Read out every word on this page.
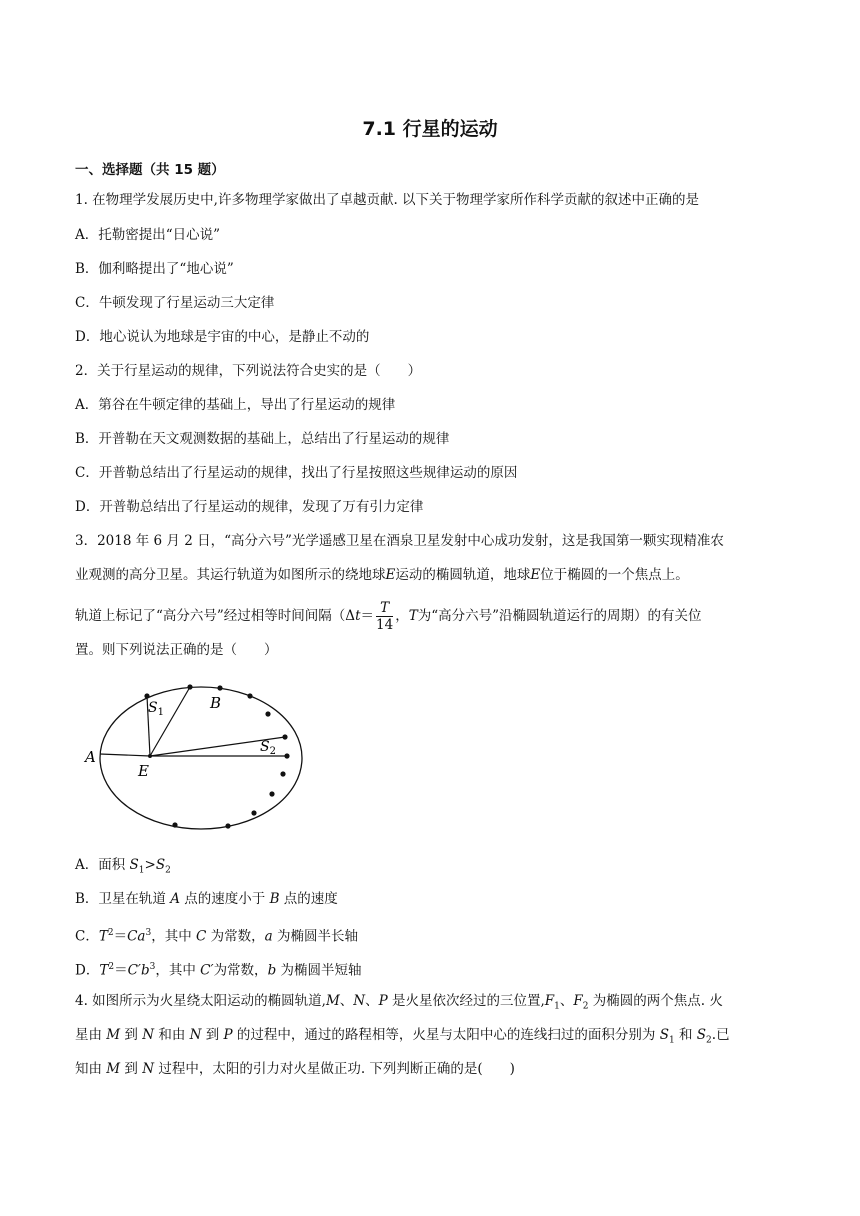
7.1 行星的运动
一、选择题（共 15 题）
1. 在物理学发展历史中,许多物理学家做出了卓越贡献. 以下关于物理学家所作科学贡献的叙述中正确的是
A．托勒密提出“日心说”
B．伽利略提出了“地心说”
C．牛顿发现了行星运动三大定律
D．地心说认为地球是宇宙的中心，是静止不动的
2．关于行星运动的规律，下列说法符合史实的是（　　）
A．第谷在牛顿定律的基础上，导出了行星运动的规律
B．开普勒在天文观测数据的基础上，总结出了行星运动的规律
C．开普勒总结出了行星运动的规律，找出了行星按照这些规律运动的原因
D．开普勒总结出了行星运动的规律，发现了万有引力定律
3．2018 年 6 月 2 日，“高分六号”光学遥感卫星在酒泉卫星发射中心成功发射，这是我国第一颗实现精准农
业观测的高分卫星。其运行轨道为如图所示的绕地球E运动的椭圆轨道，地球E位于椭圆的一个焦点上。
轨道上标记了“高分六号”经过相等时间间隔（$\Delta t= \frac{T}{14}$ ，T为“高分六号”沿椭圆轨道运行的周期）的有关位
置。则下列说法正确的是（　　）
A
E
B
$S_1$
$S_2$
A．面积 $S_1>S_2$
B．卫星在轨道 A 点的速度小于 B 点的速度
C．$T^2=Ca^3$，其中 C 为常数，a 为椭圆半长轴
D．$T^2=C'b^3$，其中 C′为常数，b 为椭圆半短轴
4. 如图所示为火星绕太阳运动的椭圆轨道,M、N、P 是火星依次经过的三位置$,F_1$、$F_2$ 为椭圆的两个焦点. 火
星由 M 到 N 和由 N 到 P 的过程中，通过的路程相等，火星与太阳中心的连线扫过的面积分别为 $S_1$ 和 $S_2$.已
知由 M 到 N 过程中，太阳的引力对火星做正功. 下列判断正确的是(　　)
